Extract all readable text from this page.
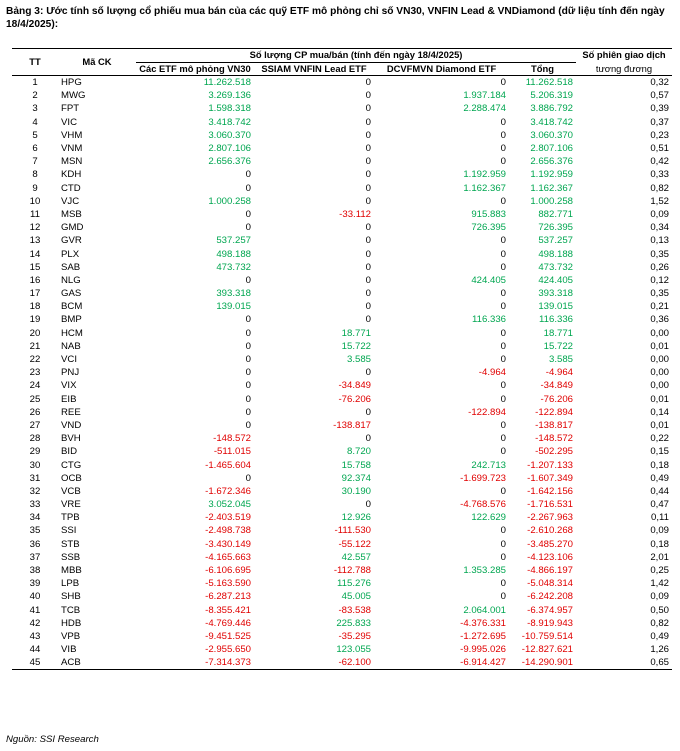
Bảng 3: Ước tính số lượng cổ phiếu mua bán của các quỹ ETF mô phỏng chỉ số VN30, VNFIN Lead & VNDiamond (dữ liệu tính đến ngày 18/4/2025):
TT	Mã CK	Số lượng CP mua/bán (tính đến ngày 18/4/2025)				Số phiên giao dịch
		Các ETF mô phỏng VN30	SSIAM VNFIN Lead ETF	DCVFMVN Diamond ETF	Tổng	tương đương
1	HPG	11.262.518	0	0	11.262.518	0,32
2	MWG	3.269.136	0	1.937.184	5.206.319	0,57
3	FPT	1.598.318	0	2.288.474	3.886.792	0,39
4	VIC	3.418.742	0	0	3.418.742	0,37
5	VHM	3.060.370	0	0	3.060.370	0,23
6	VNM	2.807.106	0	0	2.807.106	0,51
7	MSN	2.656.376	0	0	2.656.376	0,42
8	KDH	0	0	1.192.959	1.192.959	0,33
9	CTD	0	0	1.162.367	1.162.367	0,82
10	VJC	1.000.258	0	0	1.000.258	1,52
11	MSB	0	-33.112	915.883	882.771	0,09
12	GMD	0	0	726.395	726.395	0,34
13	GVR	537.257	0	0	537.257	0,13
14	PLX	498.188	0	0	498.188	0,35
15	SAB	473.732	0	0	473.732	0,26
16	NLG	0	0	424.405	424.405	0,12
17	GAS	393.318	0	0	393.318	0,35
18	BCM	139.015	0	0	139.015	0,21
19	BMP	0	0	116.336	116.336	0,36
20	HCM	0	18.771	0	18.771	0,00
21	NAB	0	15.722	0	15.722	0,01
22	VCI	0	3.585	0	3.585	0,00
23	PNJ	0	0	-4.964	-4.964	0,00
24	VIX	0	-34.849	0	-34.849	0,00
25	EIB	0	-76.206	0	-76.206	0,01
26	REE	0	0	-122.894	-122.894	0,14
27	VND	0	-138.817	0	-138.817	0,01
28	BVH	-148.572	0	0	-148.572	0,22
29	BID	-511.015	8.720	0	-502.295	0,15
30	CTG	-1.465.604	15.758	242.713	-1.207.133	0,18
31	OCB	0	92.374	-1.699.723	-1.607.349	0,49
32	VCB	-1.672.346	30.190	0	-1.642.156	0,44
33	VRE	3.052.045	0	-4.768.576	-1.716.531	0,47
34	TPB	-2.403.519	12.926	122.629	-2.267.963	0,11
35	SSI	-2.498.738	-111.530	0	-2.610.268	0,09
36	STB	-3.430.149	-55.122	0	-3.485.270	0,18
37	SSB	-4.165.663	42.557	0	-4.123.106	2,01
38	MBB	-6.106.695	-112.788	1.353.285	-4.866.197	0,25
39	LPB	-5.163.590	115.276	0	-5.048.314	1,42
40	SHB	-6.287.213	45.005	0	-6.242.208	0,09
41	TCB	-8.355.421	-83.538	2.064.001	-6.374.957	0,50
42	HDB	-4.769.446	225.833	-4.376.331	-8.919.943	0,82
43	VPB	-9.451.525	-35.295	-1.272.695	-10.759.514	0,49
44	VIB	-2.955.650	123.055	-9.995.026	-12.827.621	1,26
45	ACB	-7.314.373	-62.100	-6.914.427	-14.290.901	0,65
Nguồn: SSI Research
